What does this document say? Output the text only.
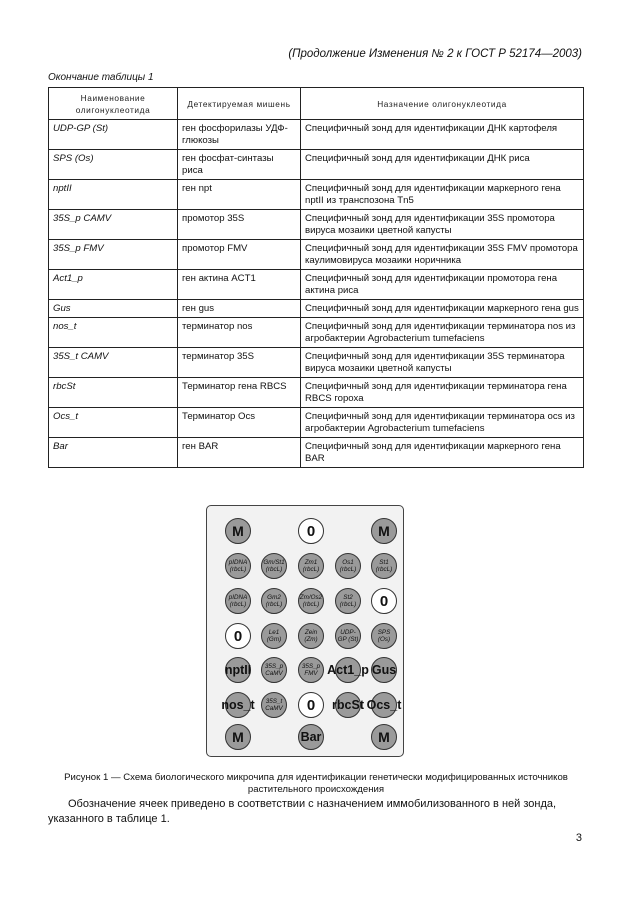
(Продолжение Изменения № 2 к ГОСТ Р 52174—2003)
Окончание таблицы 1
Наименование олигонуклеотида	Детектируемая мишень	Назначение олигонуклеотида
UDP-GP (St)	ген фосфорилазы УДФ-глюкозы	Специфичный зонд для идентификации ДНК картофеля
SPS (Os)	ген фосфат-синтазы риса	Специфичный зонд для идентификации ДНК риса
nptII	ген npt	Специфичный зонд для идентификации маркерного гена nptII из транспозона Tn5
35S_p CAMV	промотор 35S	Специфичный зонд для идентификации 35S промотора вируса мозаики цветной капусты
35S_p FMV	промотор FMV	Специфичный зонд для идентификации 35S FMV промотора каулимовируса мозаики норичника
Act1_p	ген актина ACT1	Специфичный зонд для идентификации промотора гена актина риса
Gus	ген gus	Специфичный зонд для идентификации маркерного гена gus
nos_t	терминатор nos	Специфичный зонд для идентификации терминатора nos из агробактерии Agrobacterium tumefaciens
35S_t CAMV	терминатор 35S	Специфичный зонд для идентификации 35S терминатора вируса мозаики цветной капусты
rbcSt	Терминатор гена RBCS	Специфичный зонд для идентификации терминатора гена RBCS гороха
Ocs_t	Терминатор Ocs	Специфичный зонд для идентификации терминатора ocs из агробактерии Agrobacterium tumefaciens
Bar	ген BAR	Специфичный зонд для идентификации маркерного гена BAR
M	0	M
pIDNA (rbcL)
Gm/St1 (rbcL)
Zm1 (rbcL)
Os1 (rbcL)
St1 (rbcL)
pIDNA (rbcL)
Gm2 (rbcL)
Zm/Os2 (rbcL)
St2 (rbcL)	0
0	Le1 (Gm)
Zein (Zm)
UDP-GP (St)
SPS (Os)
nptII	35S_p CaMV
35S_p FMV Act1_p Gus
nos_t	35S_t CaMV	0	rbcSt Ocs_t
M	Bar	M
Рисунок 1 — Схема биологического микрочипа для идентификации генетически модифицированных источников растительного происхождения
Обозначение ячеек приведено в соответствии с назначением иммобилизованного в ней зонда, указанного в таблице 1.
3
